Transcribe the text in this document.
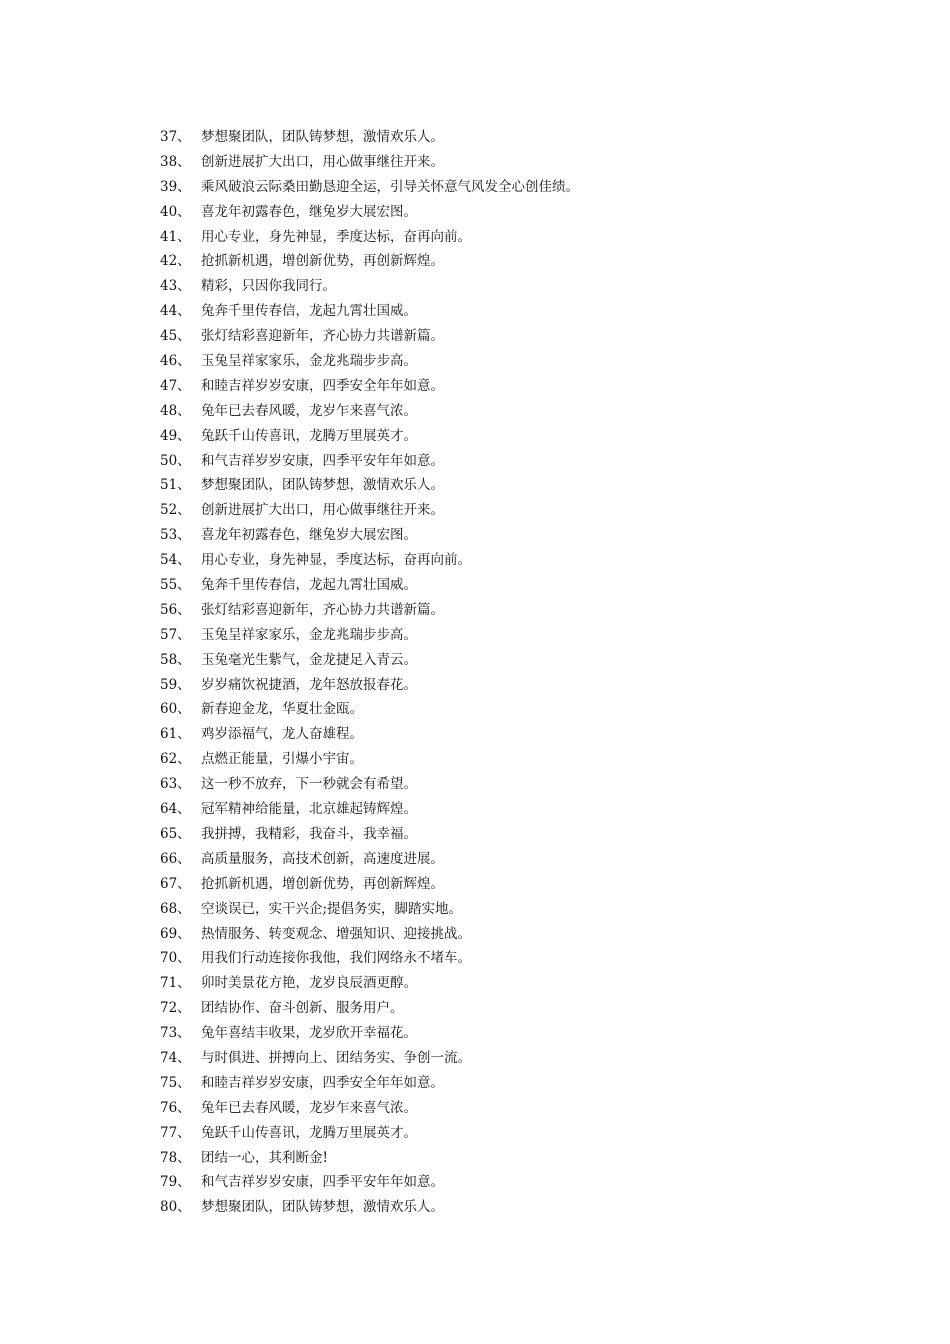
37、 梦想聚团队，团队铸梦想，激情欢乐人。
38、 创新进展扩大出口，用心做事继往开来。
39、 乘风破浪云际桑田勤恳迎全运，引导关怀意气风发全心创佳绩。
40、 喜龙年初露春色，继兔岁大展宏图。
41、 用心专业，身先神显，季度达标，奋再向前。
42、 抢抓新机遇，增创新优势，再创新辉煌。
43、 精彩，只因你我同行。
44、 兔奔千里传春信，龙起九霄壮国威。
45、 张灯结彩喜迎新年，齐心协力共谱新篇。
46、 玉兔呈祥家家乐，金龙兆瑞步步高。
47、 和睦吉祥岁岁安康，四季安全年年如意。
48、 兔年已去春风暖，龙岁乍来喜气浓。
49、 兔跃千山传喜讯，龙腾万里展英才。
50、 和气吉祥岁岁安康，四季平安年年如意。
51、 梦想聚团队，团队铸梦想，激情欢乐人。
52、 创新进展扩大出口，用心做事继往开来。
53、 喜龙年初露春色，继兔岁大展宏图。
54、 用心专业，身先神显，季度达标，奋再向前。
55、 兔奔千里传春信，龙起九霄壮国威。
56、 张灯结彩喜迎新年，齐心协力共谱新篇。
57、 玉兔呈祥家家乐，金龙兆瑞步步高。
58、 玉兔毫光生紫气，金龙捷足入青云。
59、 岁岁痛饮祝捷酒，龙年怒放报春花。
60、 新春迎金龙，华夏壮金瓯。
61、 鸡岁添福气，龙人奋雄程。
62、 点燃正能量，引爆小宇宙。
63、 这一秒不放弃，下一秒就会有希望。
64、 冠军精神给能量，北京雄起铸辉煌。
65、 我拼搏，我精彩，我奋斗，我幸福。
66、 高质量服务，高技术创新，高速度进展。
67、 抢抓新机遇，增创新优势，再创新辉煌。
68、 空谈误已，实干兴企;提倡务实，脚踏实地。
69、 热情服务、转变观念、增强知识、迎接挑战。
70、 用我们行动连接你我他，我们网络永不堵车。
71、 卯时美景花方艳，龙岁良辰酒更醇。
72、 团结协作、奋斗创新、服务用户。
73、 兔年喜结丰收果，龙岁欣开幸福花。
74、 与时俱进、拼搏向上、团结务实、争创一流。
75、 和睦吉祥岁岁安康，四季安全年年如意。
76、 兔年已去春风暖，龙岁乍来喜气浓。
77、 兔跃千山传喜讯，龙腾万里展英才。
78、 团结一心，其利断金!
79、 和气吉祥岁岁安康，四季平安年年如意。
80、 梦想聚团队，团队铸梦想，激情欢乐人。
